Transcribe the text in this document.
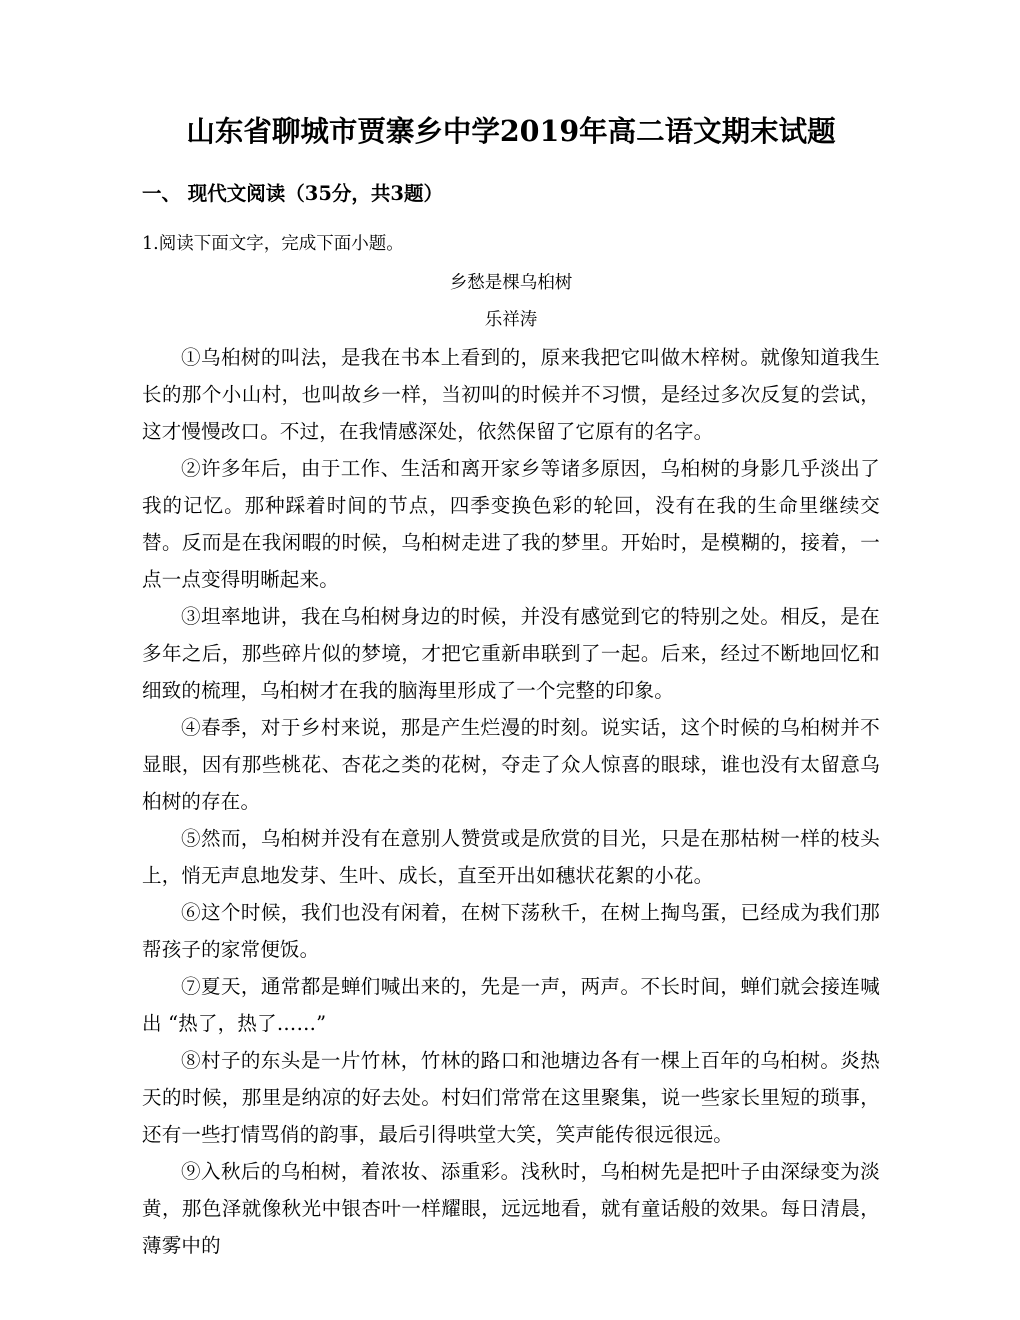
山东省聊城市贾寨乡中学2019年高二语文期末试题
一、 现代文阅读（35分，共3题）
1.阅读下面文字，完成下面小题。
乡愁是棵乌桕树
乐祥涛

①乌桕树的叫法，是我在书本上看到的，原来我把它叫做木梓树。就像知道我生长的那个小山村，也叫故乡一样，当初叫的时候并不习惯，是经过多次反复的尝试，这才慢慢改口。不过，在我情感深处，依然保留了它原有的名字。

②许多年后，由于工作、生活和离开家乡等诸多原因，乌桕树的身影几乎淡出了我的记忆。那种踩着时间的节点，四季变换色彩的轮回，没有在我的生命里继续交替。反而是在我闲暇的时候，乌桕树走进了我的梦里。开始时，是模糊的，接着，一点一点变得明晰起来。

③坦率地讲，我在乌桕树身边的时候，并没有感觉到它的特别之处。相反，是在多年之后，那些碎片似的梦境，才把它重新串联到了一起。后来，经过不断地回忆和细致的梳理，乌桕树才在我的脑海里形成了一个完整的印象。

④春季，对于乡村来说，那是产生烂漫的时刻。说实话，这个时候的乌桕树并不显眼，因有那些桃花、杏花之类的花树，夺走了众人惊喜的眼球，谁也没有太留意乌桕树的存在。

⑤然而，乌桕树并没有在意别人赞赏或是欣赏的目光，只是在那枯树一样的枝头上，悄无声息地发芽、生叶、成长，直至开出如穗状花絮的小花。

⑥这个时候，我们也没有闲着，在树下荡秋千，在树上掏鸟蛋，已经成为我们那帮孩子的家常便饭。

⑦夏天，通常都是蝉们喊出来的，先是一声，两声。不长时间，蝉们就会接连喊出 “热了，热了……”

⑧村子的东头是一片竹林，竹林的路口和池塘边各有一棵上百年的乌桕树。炎热天的时候，那里是纳凉的好去处。村妇们常常在这里聚集，说一些家长里短的琐事，还有一些打情骂俏的韵事，最后引得哄堂大笑，笑声能传很远很远。

⑨入秋后的乌桕树，着浓妆、添重彩。浅秋时，乌桕树先是把叶子由深绿变为淡黄，那色泽就像秋光中银杏叶一样耀眼，远远地看，就有童话般的效果。每日清晨，薄雾中的
